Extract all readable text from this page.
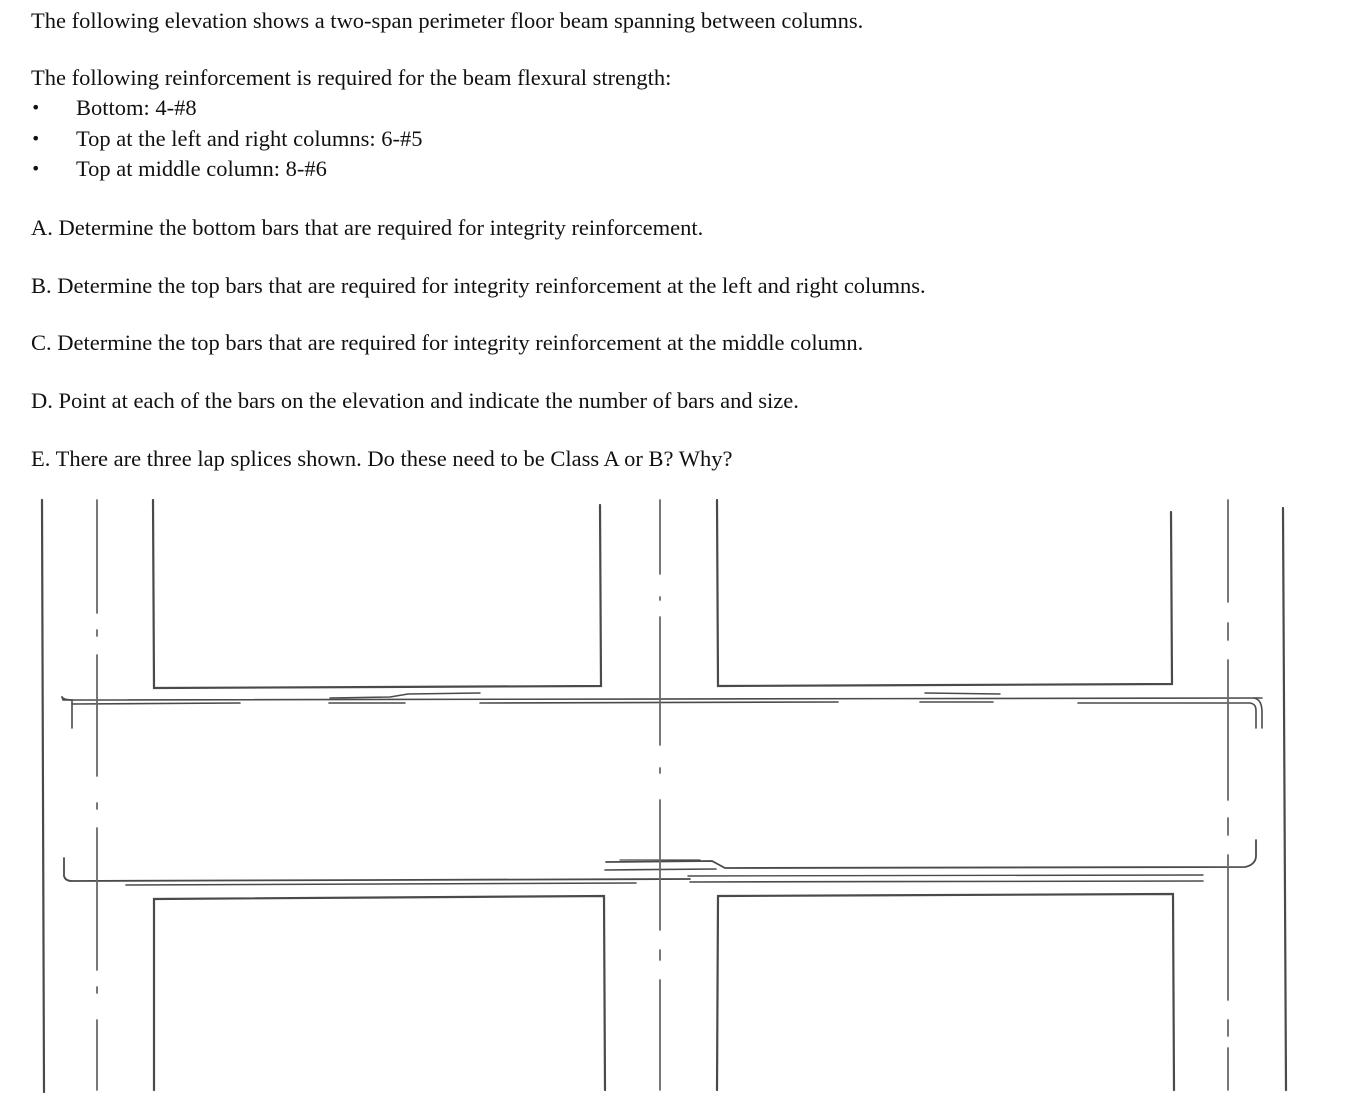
The following elevation shows a two-span perimeter floor beam spanning between columns.
The following reinforcement is required for the beam flexural strength:
• Bottom: 4-#8
• Top at the left and right columns: 6-#5
• Top at middle column: 8-#6
A. Determine the bottom bars that are required for integrity reinforcement.
B. Determine the top bars that are required for integrity reinforcement at the left and right columns.
C. Determine the top bars that are required for integrity reinforcement at the middle column.
D. Point at each of the bars on the elevation and indicate the number of bars and size.
E. There are three lap splices shown. Do these need to be Class A or B? Why?
